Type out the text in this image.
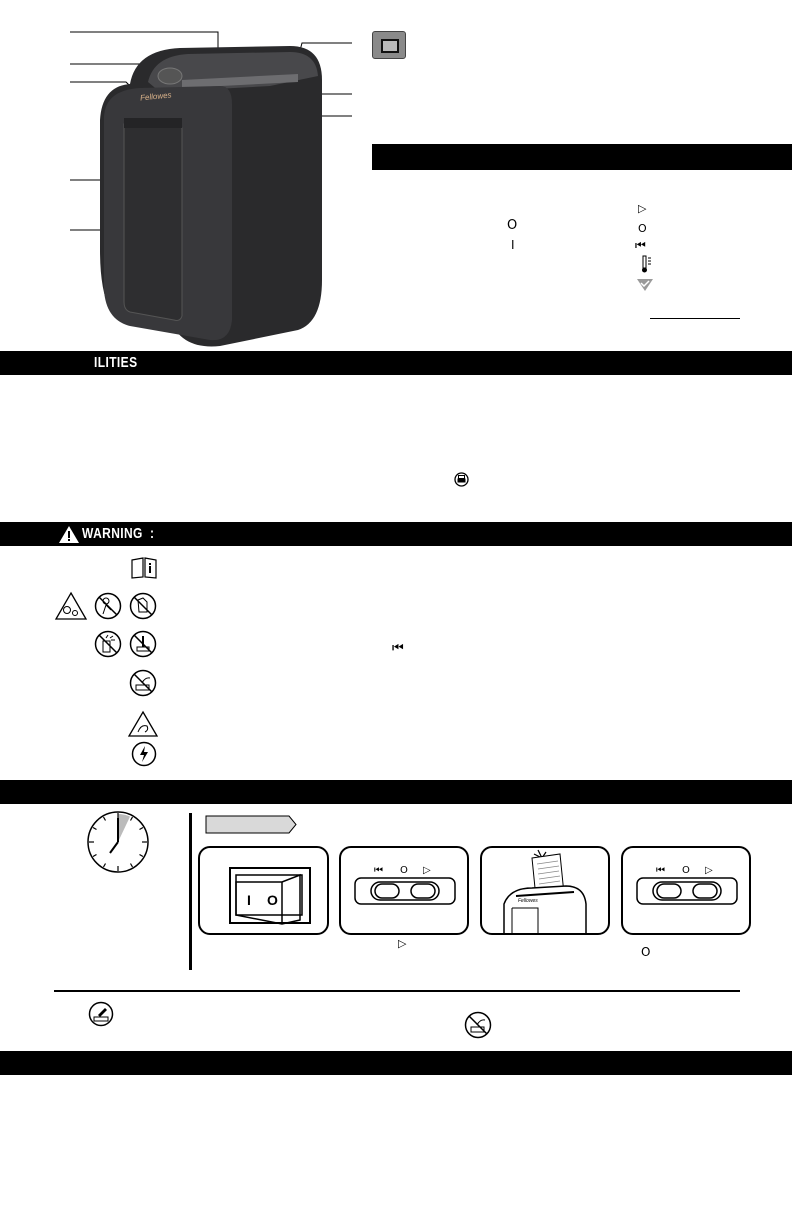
Fellowes
O
I
▷
O
⏮
ILITIES
WARNING :
⏮
I O
⏮ O ▷
▷
Fellowes
⏮ O ▷
O
